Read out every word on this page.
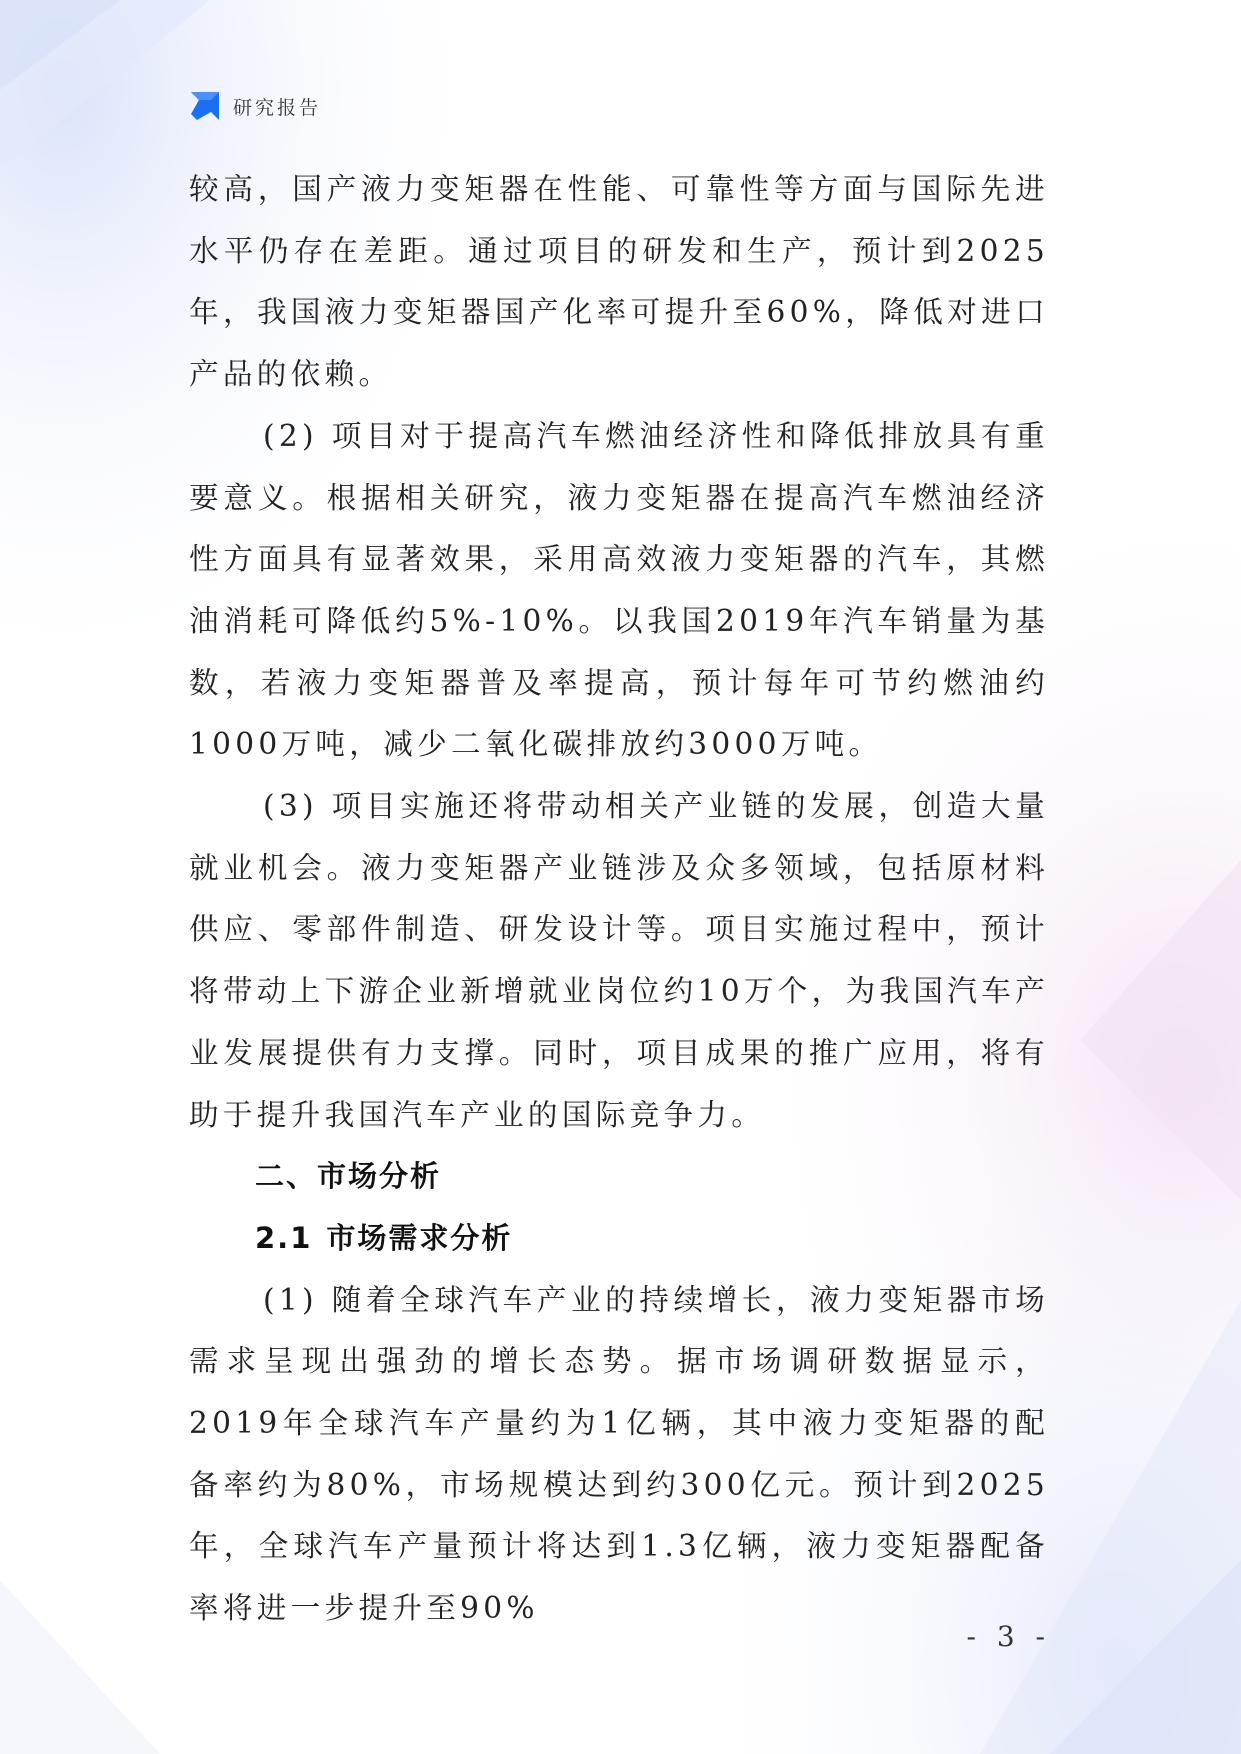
研究报告

较高，国产液力变矩器在性能、可靠性等方面与国际先进水平仍存在差距。通过项目的研发和生产，预计到2025年，我国液力变矩器国产化率可提升至60%，降低对进口产品的依赖。

(2) 项目对于提高汽车燃油经济性和降低排放具有重要意义。根据相关研究，液力变矩器在提高汽车燃油经济性方面具有显著效果，采用高效液力变矩器的汽车，其燃油消耗可降低约5%-10%。以我国2019年汽车销量为基数，若液力变矩器普及率提高，预计每年可节约燃油约1000万吨，减少二氧化碳排放约3000万吨。

(3) 项目实施还将带动相关产业链的发展，创造大量就业机会。液力变矩器产业链涉及众多领域，包括原材料供应、零部件制造、研发设计等。项目实施过程中，预计将带动上下游企业新增就业岗位约10万个，为我国汽车产业发展提供有力支撑。同时，项目成果的推广应用，将有助于提升我国汽车产业的国际竞争力。

二、市场分析
2.1 市场需求分析

(1) 随着全球汽车产业的持续增长，液力变矩器市场需求呈现出强劲的增长态势。据市场调研数据显示，2019年全球汽车产量约为1亿辆，其中液力变矩器的配备率约为80%，市场规模达到约300亿元。预计到2025年，全球汽车产量预计将达到1.3亿辆，液力变矩器配备率将进一步提升至90%

- 3 -
